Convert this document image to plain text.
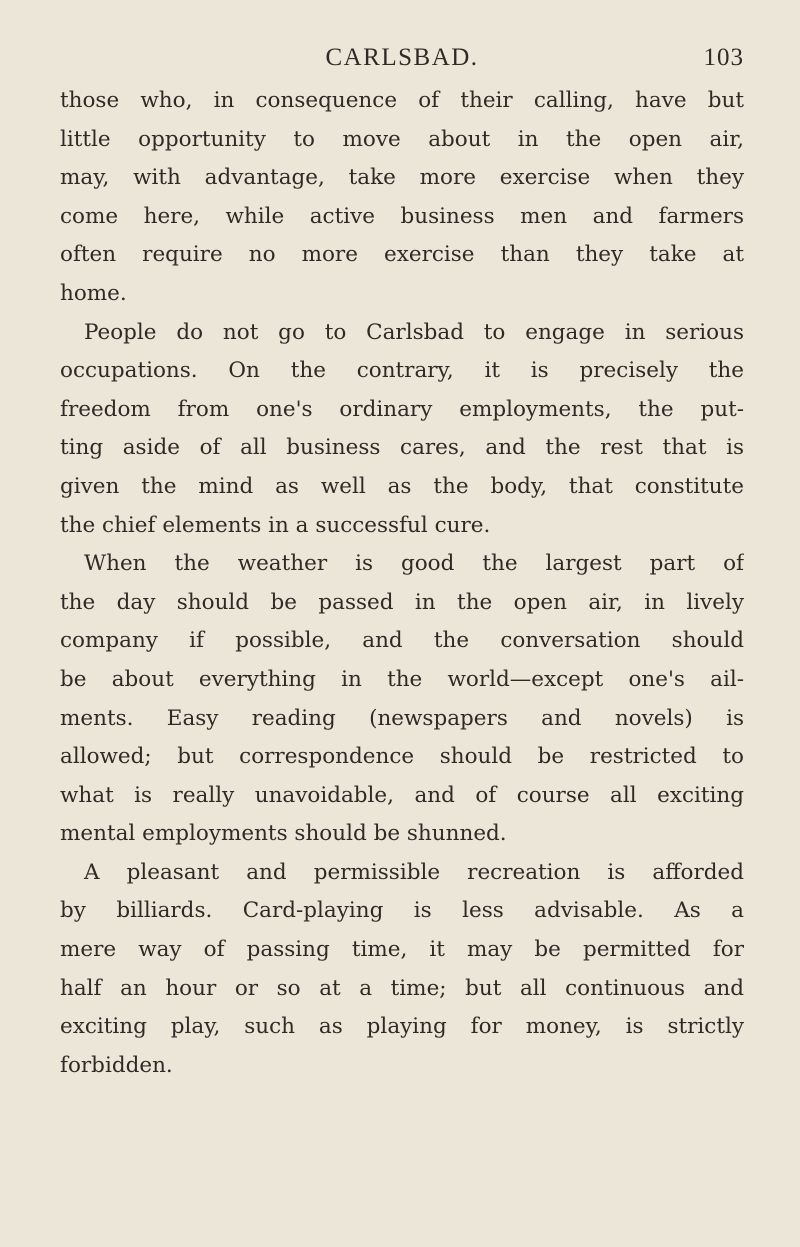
CARLSBAD.	103
those who, in consequence of their calling, have but
little opportunity to move about in the open air,
may, with advantage, take more exercise when they
come here, while active business men and farmers
often require no more exercise than they take at
home.
People do not go to Carlsbad to engage in serious
occupations. On the contrary, it is precisely the
freedom from one's ordinary employments, the put-
ting aside of all business cares, and the rest that is
given the mind as well as the body, that constitute
the chief elements in a successful cure.
When the weather is good the largest part of
the day should be passed in the open air, in lively
company if possible, and the conversation should
be about everything in the world—except one's ail-
ments. Easy reading (newspapers and novels) is
allowed; but correspondence should be restricted to
what is really unavoidable, and of course all exciting
mental employments should be shunned.
A pleasant and permissible recreation is afforded
by billiards. Card-playing is less advisable. As a
mere way of passing time, it may be permitted for
half an hour or so at a time; but all continuous and
exciting play, such as playing for money, is strictly
forbidden.
